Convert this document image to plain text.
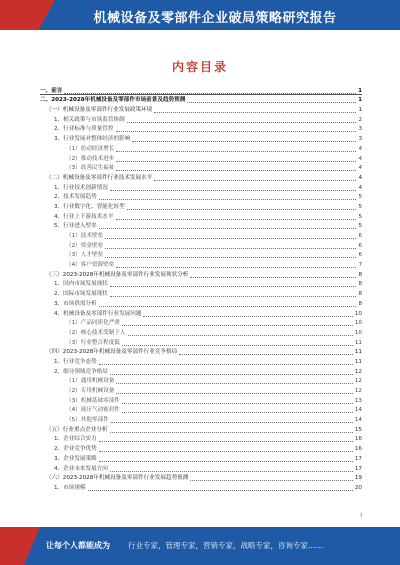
机械设备及零部件企业破局策略研究报告
内容目录
一、前言	1
二、2023-2028年机械设备及零部件市场前景及趋势预测	1
（一）机械设备及零部件行业发展政策环境	1
1、相关政策与市场监管体制	2
2、行业标准与质量管控	3
3、行业发展对整体经济的影响	3
（1）拉动经济增长	4
（2）推动技术进步	4
（3）改善民生福祉	4
（二）机械设备及零部件行业技术发展水平	4
1、行业技术创新情况	4
2、技术发展趋势	5
3、行业数字化、智能化转型	5
4、行业上下游技术水平	5
5、行业进入壁垒	5
（1）技术壁垒	6
（2）资金壁垒	6
（3）人才壁垒	6
（4）客户资源壁垒	7
（三）2023-2028年机械设备及零部件行业发展现状分析	8
1、国内市场发展现状	8
2、国际市场发展现状	8
3、市场供需分析	8
4、机械设备及零部件行业发展问题	10
（1）产品同质化严重	10
（2）核心技术受制于人	10
（3）行业整合程度低	11
（四）2023-2028年机械设备及零部件行业竞争格局	11
1、行业竞争态势	11
2、细分领域竞争格局	12
（1）通用机械设备	12
（2）专用机械设备	12
（3）机械基础零部件	13
（4）液压气动密封件	14
（5）其他零部件	14
（五）行业重点企业分析	15
1、企业综合实力	16
2、企业竞争优势	16
3、企业发展策略	17
4、企业未来发展方向	17
（六）2023-2028年机械设备及零部件行业发展趋势预测	19
1、市场规模	20
I
让每个人都能成为 行业专家，管理专家，营销专家，战略专家，咨询专家……
